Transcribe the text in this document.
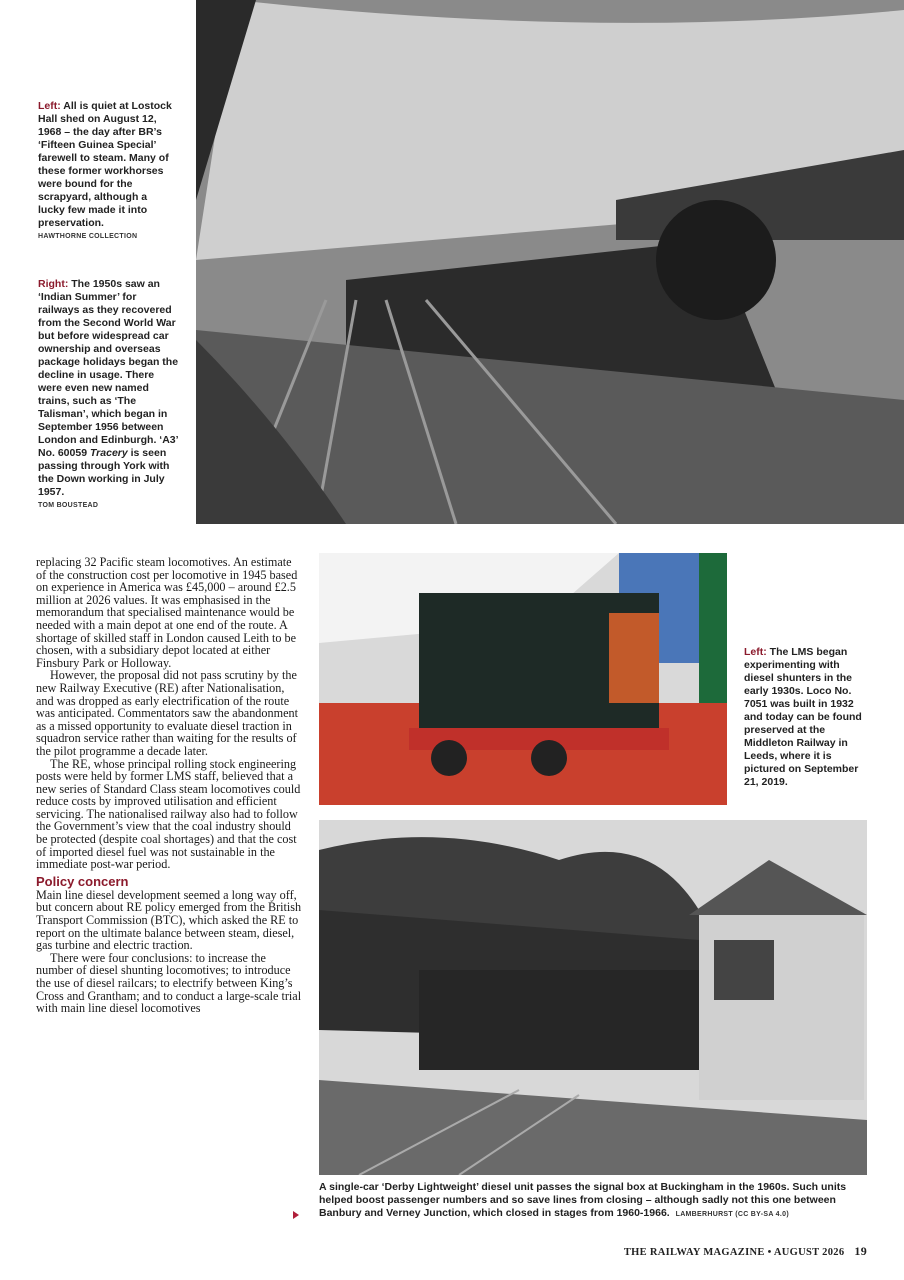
Left: All is quiet at Lostock Hall shed on August 12, 1968 – the day after BR’s ‘Fifteen Guinea Special’ farewell to steam. Many of these former workhorses were bound for the scrapyard, although a lucky few made it into preservation.
HAWTHORNE COLLECTION
Right: The 1950s saw an ‘Indian Summer’ for railways as they recovered from the Second World War but before widespread car ownership and overseas package holidays began the decline in usage. There were even new named trains, such as ‘The Talisman’, which began in September 1956 between London and Edinburgh. ‘A3’ No. 60059 Tracery is seen passing through York with the Down working in July 1957.
TOM BOUSTEAD
Left: The LMS began experimenting with diesel shunters in the early 1930s. Loco No. 7051 was built in 1932 and today can be found preserved at the Middleton Railway in Leeds, where it is pictured on September 21, 2019.
A single-car ‘Derby Lightweight’ diesel unit passes the signal box at Buckingham in the 1960s. Such units helped boost passenger numbers and so save lines from closing – although sadly not this one between Banbury and Verney Junction, which closed in stages from 1960-1966. LAMBERHURST (CC BY-SA 4.0)

replacing 32 Pacific steam locomotives. An estimate of the construction cost per locomotive in 1945 based on experience in America was £45,000 – around £2.5 million at 2026 values. It was emphasised in the memorandum that specialised maintenance would be needed with a main depot at one end of the route. A shortage of skilled staff in London caused Leith to be chosen, with a subsidiary depot located at either Finsbury Park or Holloway.

However, the proposal did not pass scrutiny by the new Railway Executive (RE) after Nationalisation, and was dropped as early electrification of the route was anticipated. Commentators saw the abandonment as a missed opportunity to evaluate diesel traction in squadron service rather than waiting for the results of the pilot programme a decade later.

The RE, whose principal rolling stock engineering posts were held by former LMS staff, believed that a new series of Standard Class steam locomotives could reduce costs by improved utilisation and efficient servicing. The nationalised railway also had to follow the Government’s view that the coal industry should be protected (despite coal shortages) and that the cost of imported diesel fuel was not sustainable in the immediate post-war period.

Policy concern

Main line diesel development seemed a long way off, but concern about RE policy emerged from the British Transport Commission (BTC), which asked the RE to report on the ultimate balance between steam, diesel, gas turbine and electric traction.

There were four conclusions: to increase the number of diesel shunting locomotives; to introduce the use of diesel railcars; to electrify between King’s Cross and Grantham; and to conduct a large-scale trial with main line diesel locomotives

THE RAILWAY MAGAZINE • AUGUST 2026 19
